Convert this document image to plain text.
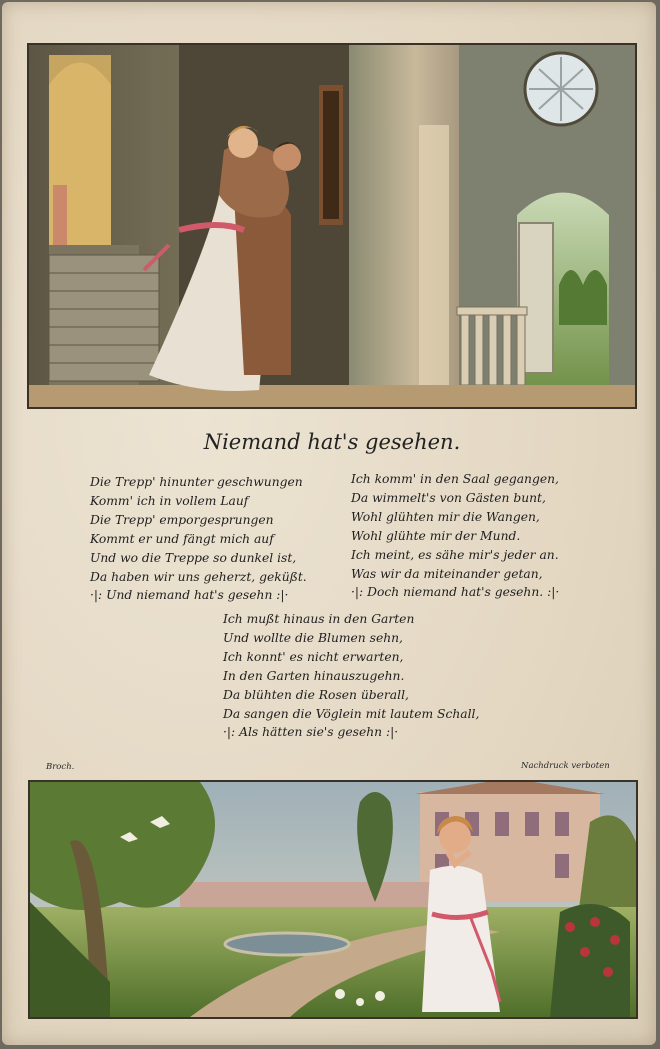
Niemand hat's gesehen.
Die Trepp' hinunter geschwungen
Komm' ich in vollem Lauf
Die Trepp' emporgesprungen
Kommt er und fängt mich auf
Und wo die Treppe so dunkel ist,
Da haben wir uns geherzt, geküßt.
·|: Und niemand hat's gesehn :|·
Ich komm' in den Saal gegangen,
Da wimmelt's von Gästen bunt,
Wohl glühten mir die Wangen,
Wohl glühte mir der Mund.
Ich meint, es sähe mir's jeder an.
Was wir da miteinander getan,
·|: Doch niemand hat's gesehn. :|·
Ich mußt hinaus in den Garten
Und wollte die Blumen sehn,
Ich konnt' es nicht erwarten,
In den Garten hinauszugehn.
Da blühten die Rosen überall,
Da sangen die Vöglein mit lautem Schall,
·|: Als hätten sie's gesehn :|·
Broch.	Nachdruck verboten
